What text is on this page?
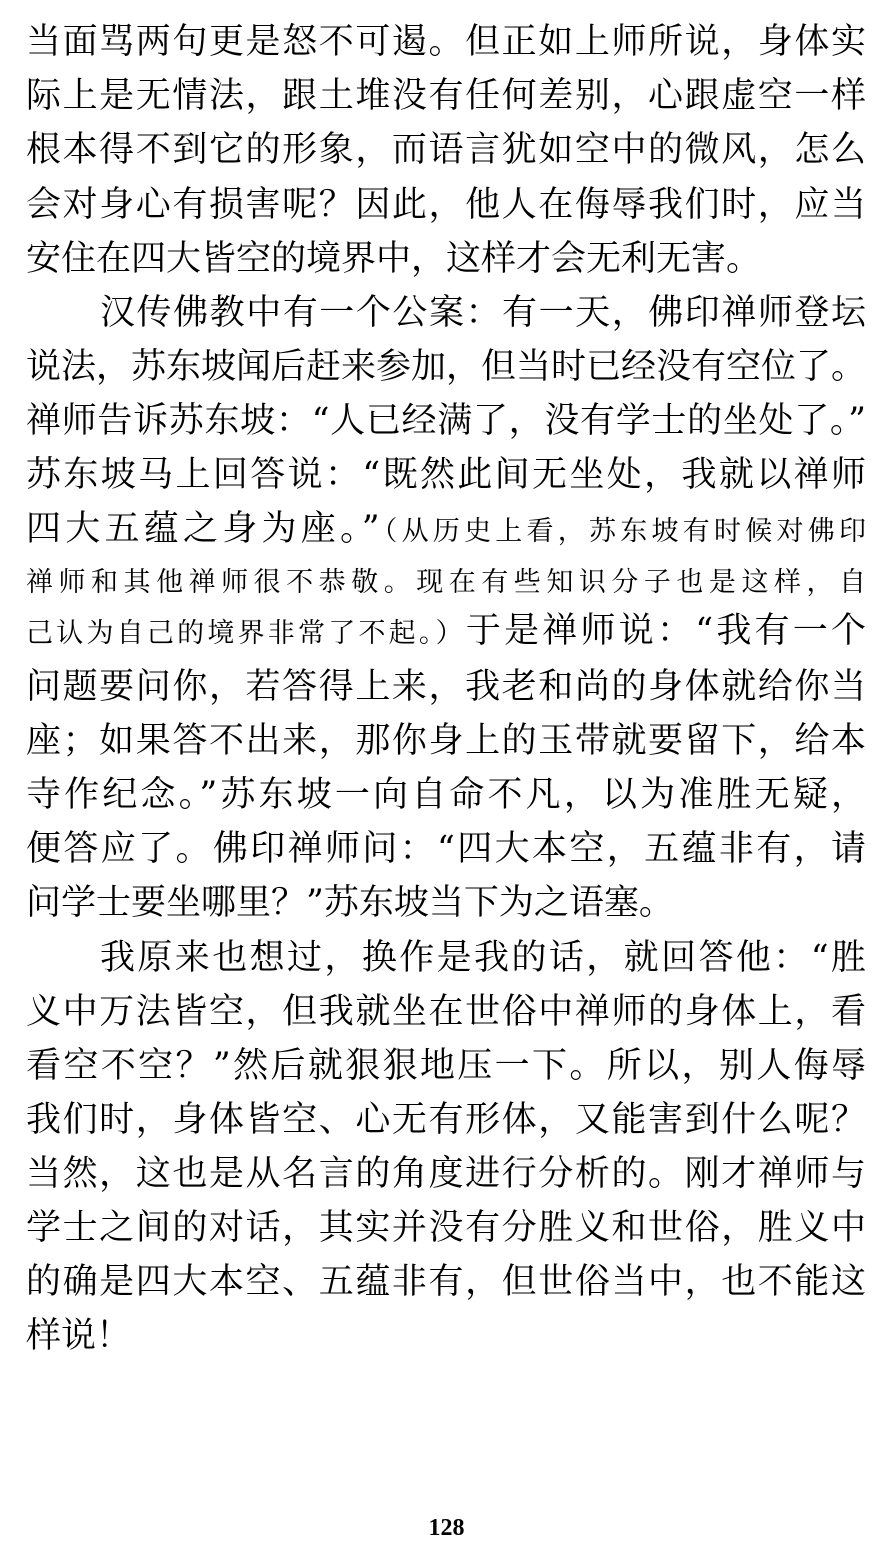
当面骂两句更是怒不可遏。但正如上师所说，身体实
际上是无情法，跟土堆没有任何差别，心跟虚空一样
根本得不到它的形象，而语言犹如空中的微风，怎么
会对身心有损害呢？因此，他人在侮辱我们时，应当
安住在四大皆空的境界中，这样才会无利无害。
汉传佛教中有一个公案：有一天，佛印禅师登坛
说法，苏东坡闻后赶来参加，但当时已经没有空位了。
禅师告诉苏东坡：“人已经满了，没有学士的坐处了。”
苏东坡马上回答说：“既然此间无坐处，我就以禅师
四大五蕴之身为座。”（从历史上看，苏东坡有时候对佛印
禅师和其他禅师很不恭敬。现在有些知识分子也是这样，自
己认为自己的境界非常了不起。）于是禅师说：“我有一个
问题要问你，若答得上来，我老和尚的身体就给你当
座；如果答不出来，那你身上的玉带就要留下，给本
寺作纪念。”苏东坡一向自命不凡，以为准胜无疑，
便答应了。佛印禅师问：“四大本空，五蕴非有，请
问学士要坐哪里？”苏东坡当下为之语塞。
我原来也想过，换作是我的话，就回答他：“胜
义中万法皆空，但我就坐在世俗中禅师的身体上，看
看空不空？”然后就狠狠地压一下。所以，别人侮辱
我们时，身体皆空、心无有形体，又能害到什么呢？
当然，这也是从名言的角度进行分析的。刚才禅师与
学士之间的对话，其实并没有分胜义和世俗，胜义中
的确是四大本空、五蕴非有，但世俗当中，也不能这
样说！
128
